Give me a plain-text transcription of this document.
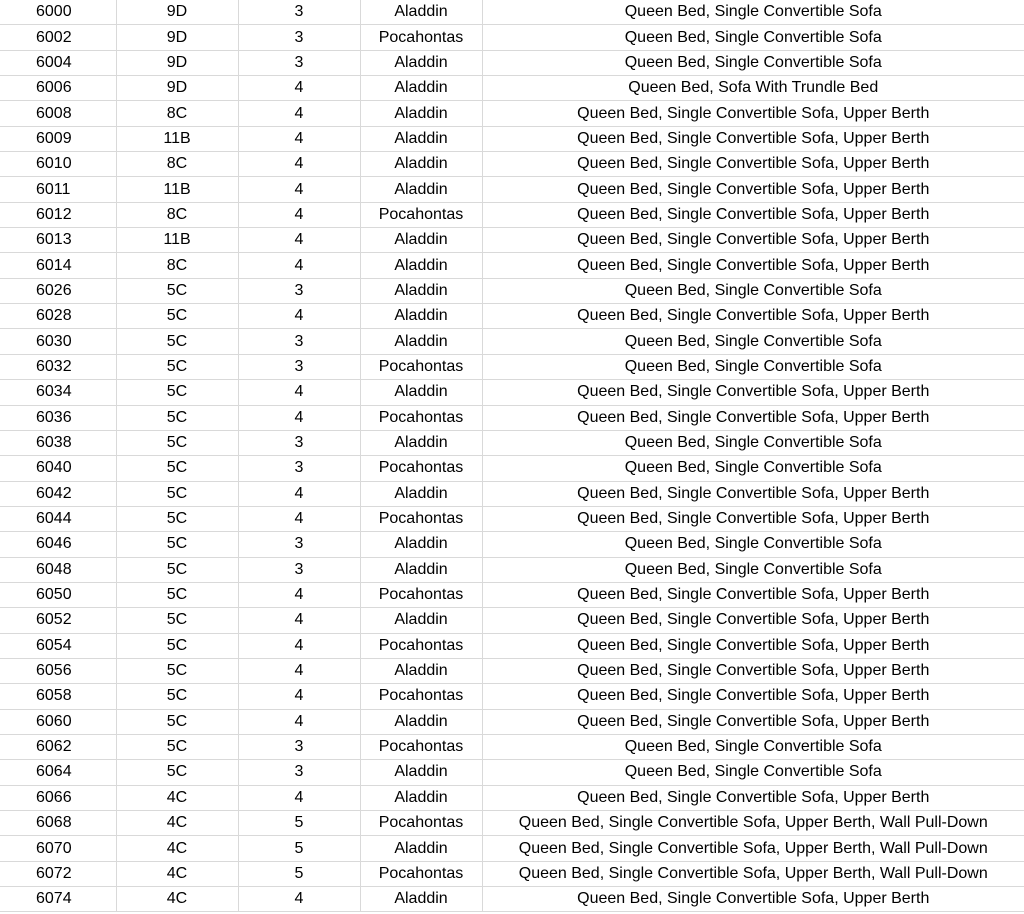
6000	9D	3	Aladdin	Queen Bed, Single Convertible Sofa
6002	9D	3	Pocahontas	Queen Bed, Single Convertible Sofa
6004	9D	3	Aladdin	Queen Bed, Single Convertible Sofa
6006	9D	4	Aladdin	Queen Bed, Sofa With Trundle Bed
6008	8C	4	Aladdin	Queen Bed, Single Convertible Sofa, Upper Berth
6009	11B	4	Aladdin	Queen Bed, Single Convertible Sofa, Upper Berth
6010	8C	4	Aladdin	Queen Bed, Single Convertible Sofa, Upper Berth
6011	11B	4	Aladdin	Queen Bed, Single Convertible Sofa, Upper Berth
6012	8C	4	Pocahontas	Queen Bed, Single Convertible Sofa, Upper Berth
6013	11B	4	Aladdin	Queen Bed, Single Convertible Sofa, Upper Berth
6014	8C	4	Aladdin	Queen Bed, Single Convertible Sofa, Upper Berth
6026	5C	3	Aladdin	Queen Bed, Single Convertible Sofa
6028	5C	4	Aladdin	Queen Bed, Single Convertible Sofa, Upper Berth
6030	5C	3	Aladdin	Queen Bed, Single Convertible Sofa
6032	5C	3	Pocahontas	Queen Bed, Single Convertible Sofa
6034	5C	4	Aladdin	Queen Bed, Single Convertible Sofa, Upper Berth
6036	5C	4	Pocahontas	Queen Bed, Single Convertible Sofa, Upper Berth
6038	5C	3	Aladdin	Queen Bed, Single Convertible Sofa
6040	5C	3	Pocahontas	Queen Bed, Single Convertible Sofa
6042	5C	4	Aladdin	Queen Bed, Single Convertible Sofa, Upper Berth
6044	5C	4	Pocahontas	Queen Bed, Single Convertible Sofa, Upper Berth
6046	5C	3	Aladdin	Queen Bed, Single Convertible Sofa
6048	5C	3	Aladdin	Queen Bed, Single Convertible Sofa
6050	5C	4	Pocahontas	Queen Bed, Single Convertible Sofa, Upper Berth
6052	5C	4	Aladdin	Queen Bed, Single Convertible Sofa, Upper Berth
6054	5C	4	Pocahontas	Queen Bed, Single Convertible Sofa, Upper Berth
6056	5C	4	Aladdin	Queen Bed, Single Convertible Sofa, Upper Berth
6058	5C	4	Pocahontas	Queen Bed, Single Convertible Sofa, Upper Berth
6060	5C	4	Aladdin	Queen Bed, Single Convertible Sofa, Upper Berth
6062	5C	3	Pocahontas	Queen Bed, Single Convertible Sofa
6064	5C	3	Aladdin	Queen Bed, Single Convertible Sofa
6066	4C	4	Aladdin	Queen Bed, Single Convertible Sofa, Upper Berth
6068	4C	5	Pocahontas	Queen Bed, Single Convertible Sofa, Upper Berth, Wall Pull-Down
6070	4C	5	Aladdin	Queen Bed, Single Convertible Sofa, Upper Berth, Wall Pull-Down
6072	4C	5	Pocahontas	Queen Bed, Single Convertible Sofa, Upper Berth, Wall Pull-Down
6074	4C	4	Aladdin	Queen Bed, Single Convertible Sofa, Upper Berth
